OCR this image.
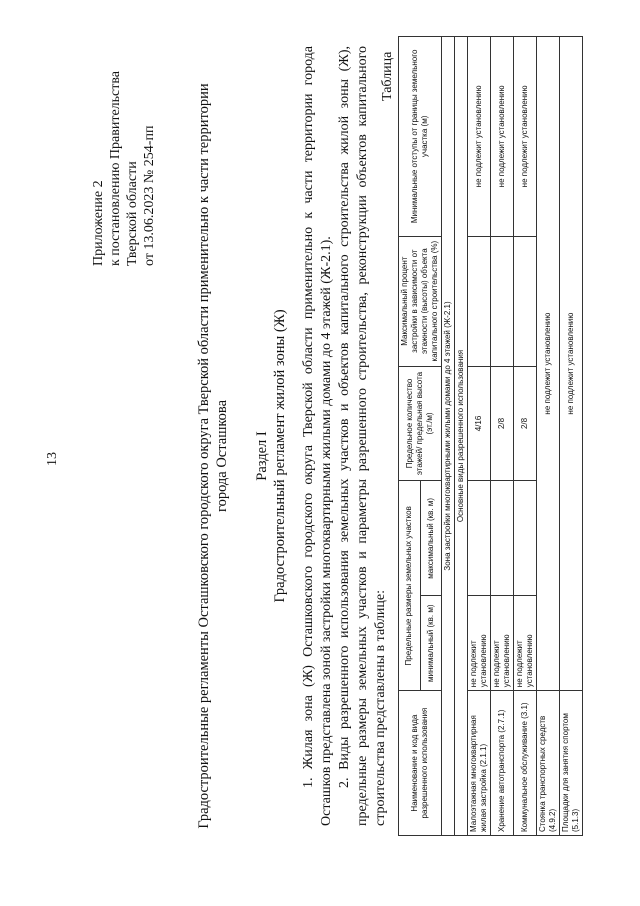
13
Приложение 2 к постановлению Правительства Тверской области от 13.06.2023 № 254-пп	Градостроительные регламенты Осташковского городского округа Тверской области применительно к части территории города Осташкова Раздел I Градостроительный регламент жилой зоны (Ж) 1. Жилая зона (Ж) Осташковского городского округа Тверской области применительно к части территории города Осташков представлена зоной застройки многоквартирными жилыми домами до 4 этажей (Ж-2.1). 2. Виды разрешенного использования земельных участков и объектов капитального строительства жилой зоны (Ж), предельные размеры земельных участков и параметры разрешенного строительства, реконструкции объектов капитального строительства представлены в таблице:

Таблица
Наименование и код вида разрешенного использования	Предельные размеры земельных участков		Предельное количество этажей/ предельная высота (эт./м)	Максимальный процент застройки в зависимости от этажности (высоты) объекта капитального строительства (%)	Минимальные отступы от границы земельного участка (м)
	минимальный (кв. м)	максимальный (кв. м)			
Зона застройки многоквартирными жилыми домами до 4 этажей (Ж-2.1)					
Основные виды разрешенного использования					
Малоэтажная многоквартирная жилая застройка (2.1.1)	не подлежит установлению		4/16		не подлежит установлению
Хранение автотранспорта (2.7.1)	не подлежит установлению		2/8		не подлежит установлению
Коммунальное обслуживание (3.1)	не подлежит установлению		2/8		не подлежит установлению
Стоянка транспортных средств (4.9.2)	не подлежит установлению				
Площадки для занятия спортом (5.1.3)	не подлежит установлению				
